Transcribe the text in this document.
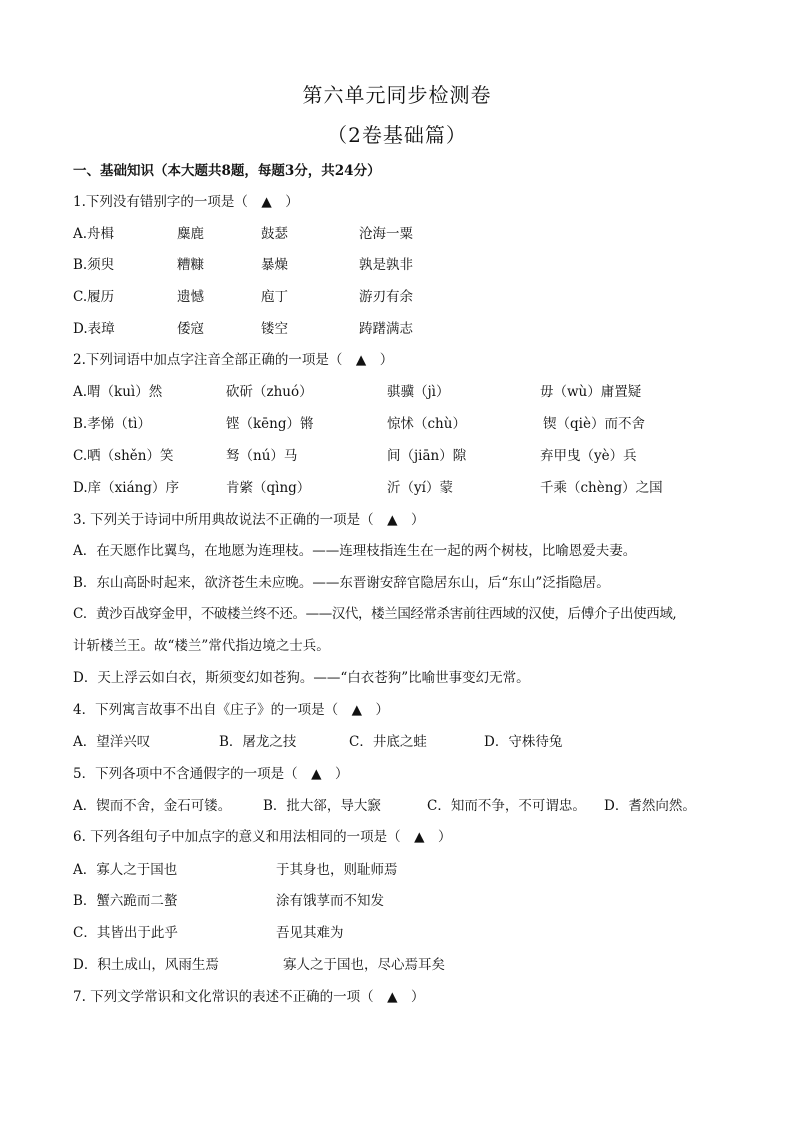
第六单元同步检测卷
（2卷基础篇）
一、基础知识（本大题共8题，每题3分，共24分）
1.下列没有错别字的一项是（　▲　）
A.舟楫	麋鹿	鼓瑟	沧海一粟
B.须臾	糟糠	暴燥	孰是孰非
C.履历	遗憾	庖丁	游刃有余
D.表璋	倭寇	镂空	踌躇满志
2.下列词语中加点字注音全部正确的一项是（　▲　）
A.喟（kuì）然	砍斫（zhuó）	骐骥（jì）	毋（wù）庸置疑
B.孝悌（tì）	铿（kēng）锵	惊怵（chù）	锲（qiè）而不舍
C.哂（shěn）笑	驽（nú）马	间（jiān）隙	弃甲曳（yè）兵
D.庠（xiáng）序	肯綮（qìng）	沂（yí）蒙	千乘（chèng）之国
3. 下列关于诗词中所用典故说法不正确的一项是（　▲　）
A．在天愿作比翼鸟，在地愿为连理枝。——连理枝指连生在一起的两个树枝，比喻恩爱夫妻。
B．东山高卧时起来，欲济苍生未应晚。——东晋谢安辞官隐居东山，后“东山”泛指隐居。
C．黄沙百战穿金甲，不破楼兰终不还。——汉代，楼兰国经常杀害前往西域的汉使，后傅介子出使西域,
计斩楼兰王。故“楼兰”常代指边境之士兵。
D．天上浮云如白衣，斯须变幻如苍狗。——“白衣苍狗”比喻世事变幻无常。
4．下列寓言故事不出自《庄子》的一项是（　▲　）
A．望洋兴叹	B．屠龙之技	C．井底之蛙	D．守株待兔
5．下列各项中不含通假字的一项是（　▲　）
A．锲而不舍，金石可镂。 B．批大郤，导大窾	C．知而不争，不可谓忠。 D．耆然向然。
6. 下列各组句子中加点字的意义和用法相同的一项是（　▲　）
A．寡人之于国也	于其身也，则耻师焉
B．蟹六跪而二螯	涂有饿莩而不知发
C．其皆出于此乎	吾见其难为
D．积土成山，风雨生焉	寡人之于国也，尽心焉耳矣
7. 下列文学常识和文化常识的表述不正确的一项（　▲　）
